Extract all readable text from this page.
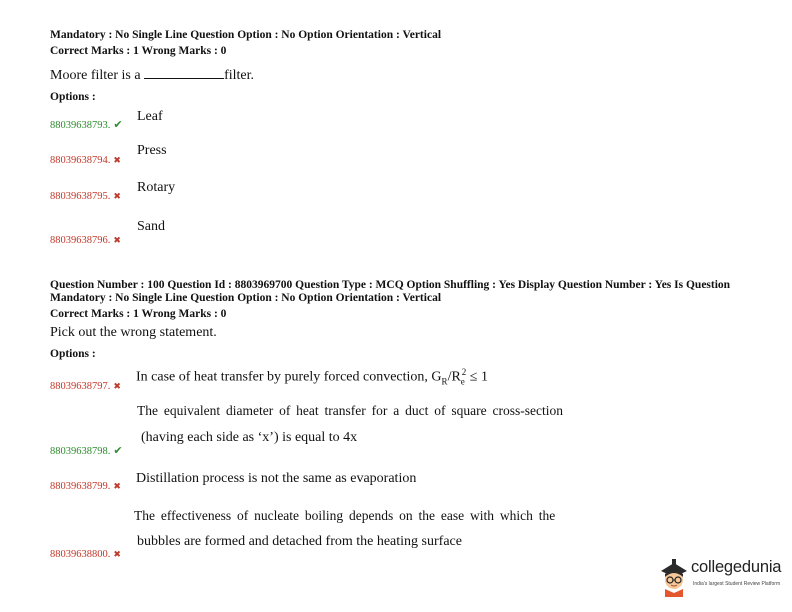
Mandatory : No Single Line Question Option : No Option Orientation : Vertical
Correct Marks : 1 Wrong Marks : 0
Moore filter is a	filter.
Options :
88039638793. ✔
Leaf
88039638794. ✖
Press
88039638795. ✖
Rotary
88039638796. ✖
Sand
Question Number : 100 Question Id : 8803969700 Question Type : MCQ Option Shuffling : Yes Display Question Number : Yes Is Question
Mandatory : No Single Line Question Option : No Option Orientation : Vertical
Correct Marks : 1 Wrong Marks : 0
Pick out the wrong statement.
Options :
88039638797. ✖
In case of heat transfer by purely forced convection, $G_R/R_e^2 \le 1$
The equivalent diameter of heat transfer for a duct of square cross-section
88039638798. ✔
(having each side as ‘x’) is equal to 4x
88039638799. ✖
Distillation process is not the same as evaporation
The effectiveness of nucleate boiling depends on the ease with which the
88039638800. ✖
bubbles are formed and detached from the heating surface
collegedunia
India's largest Student Review Platform
